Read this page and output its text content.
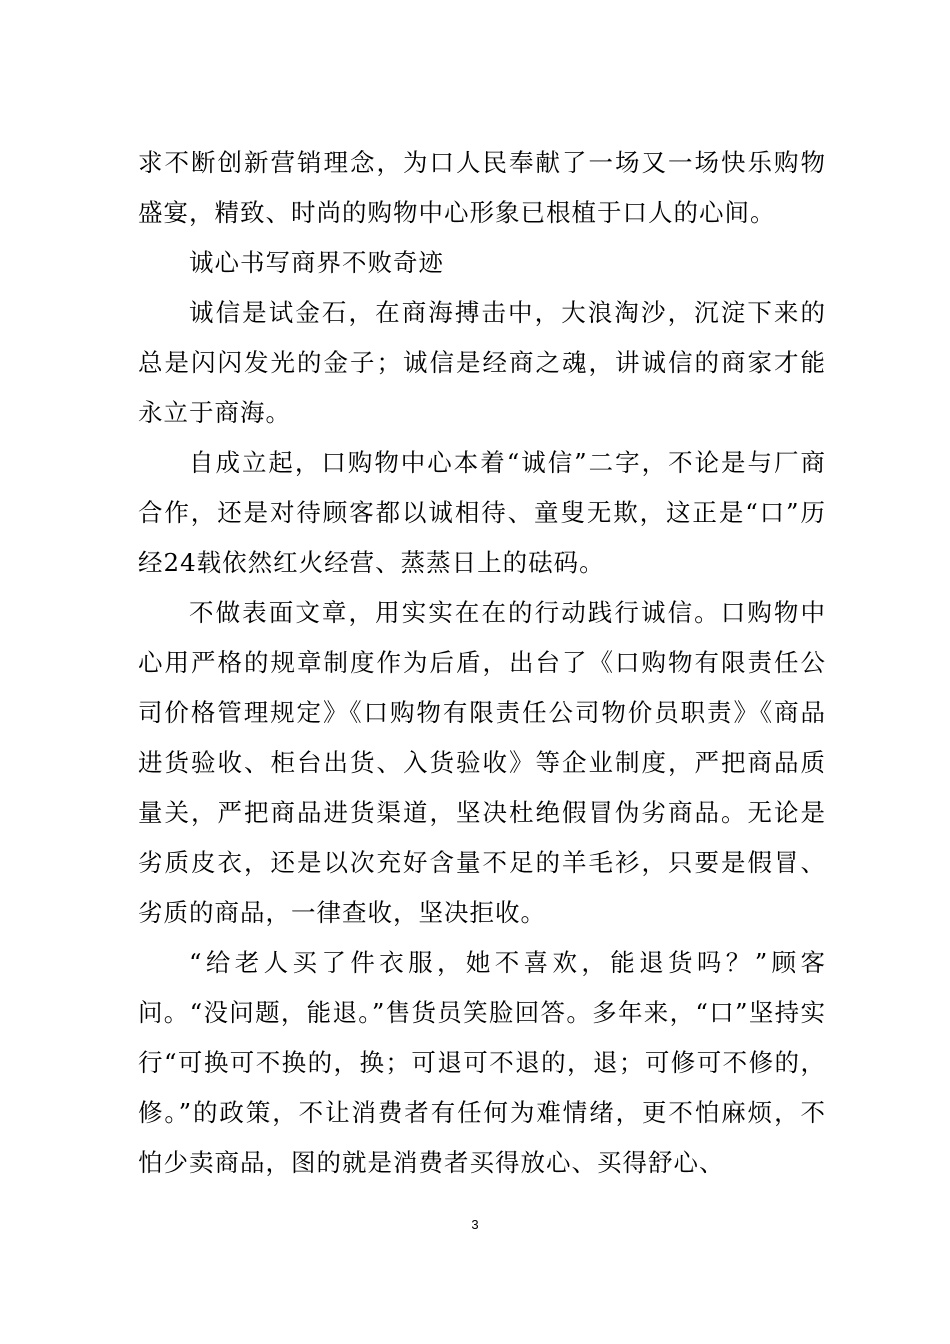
求不断创新营销理念，为口人民奉献了一场又一场快乐购物盛宴，精致、时尚的购物中心形象已根植于口人的心间。

诚心书写商界不败奇迹

诚信是试金石，在商海搏击中，大浪淘沙，沉淀下来的总是闪闪发光的金子；诚信是经商之魂，讲诚信的商家才能永立于商海。

自成立起，口购物中心本着“诚信”二字，不论是与厂商合作，还是对待顾客都以诚相待、童叟无欺，这正是“口”历经24载依然红火经营、蒸蒸日上的砝码。

不做表面文章，用实实在在的行动践行诚信。口购物中心用严格的规章制度作为后盾，出台了《口购物有限责任公司价格管理规定》《口购物有限责任公司物价员职责》《商品进货验收、柜台出货、入货验收》等企业制度，严把商品质量关，严把商品进货渠道，坚决杜绝假冒伪劣商品。无论是劣质皮衣，还是以次充好含量不足的羊毛衫，只要是假冒、劣质的商品，一律查收，坚决拒收。

“给老人买了件衣服，她不喜欢，能退货吗？”顾客问。“没问题，能退。”售货员笑脸回答。多年来，“口”坚持实行“可换可不换的，换；可退可不退的，退；可修可不修的，修。”的政策，不让消费者有任何为难情绪，更不怕麻烦，不怕少卖商品，图的就是消费者买得放心、买得舒心、

3
